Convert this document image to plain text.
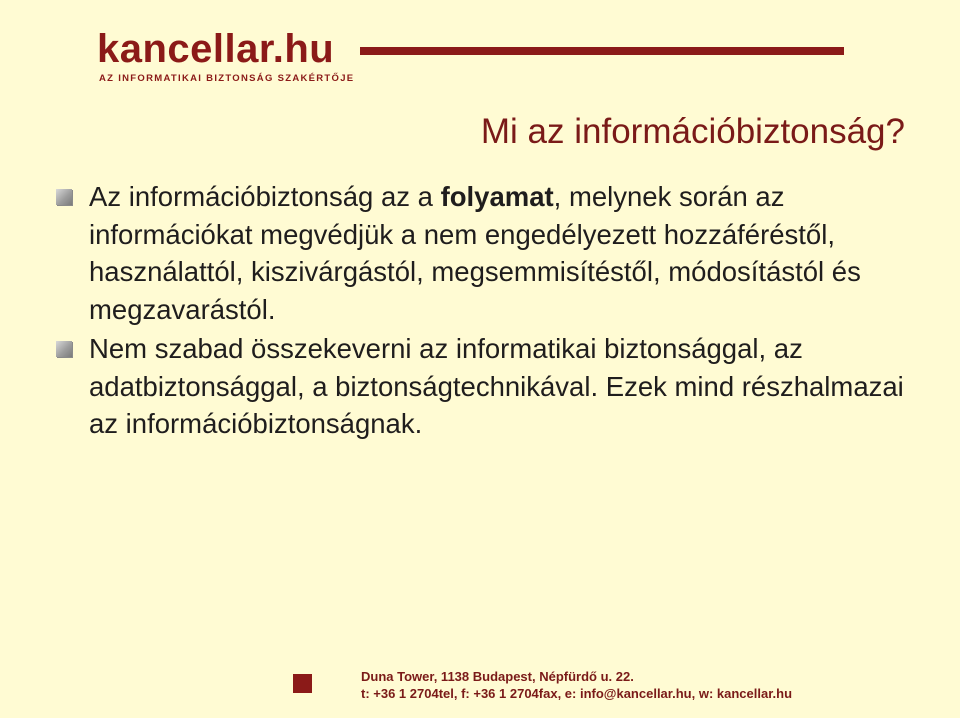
kancellar.hu
AZ INFORMATIKAI BIZTONSÁG SZAKÉRTŐJE
Mi az információbiztonság?
Az információbiztonság az a folyamat, melynek során az információkat megvédjük a nem engedélyezett hozzáféréstől, használattól, kiszivárgástól, megsemmisítéstől, módosítástól és megzavarástól.
Nem szabad összekeverni az informatikai biztonsággal, az adatbiztonsággal, a biztonságtechnikával. Ezek mind részhalmazai az információbiztonságnak.
Duna Tower, 1138 Budapest, Népfürdő u. 22.
t: +36 1 2704tel, f: +36 1 2704fax, e: info@kancellar.hu, w: kancellar.hu
